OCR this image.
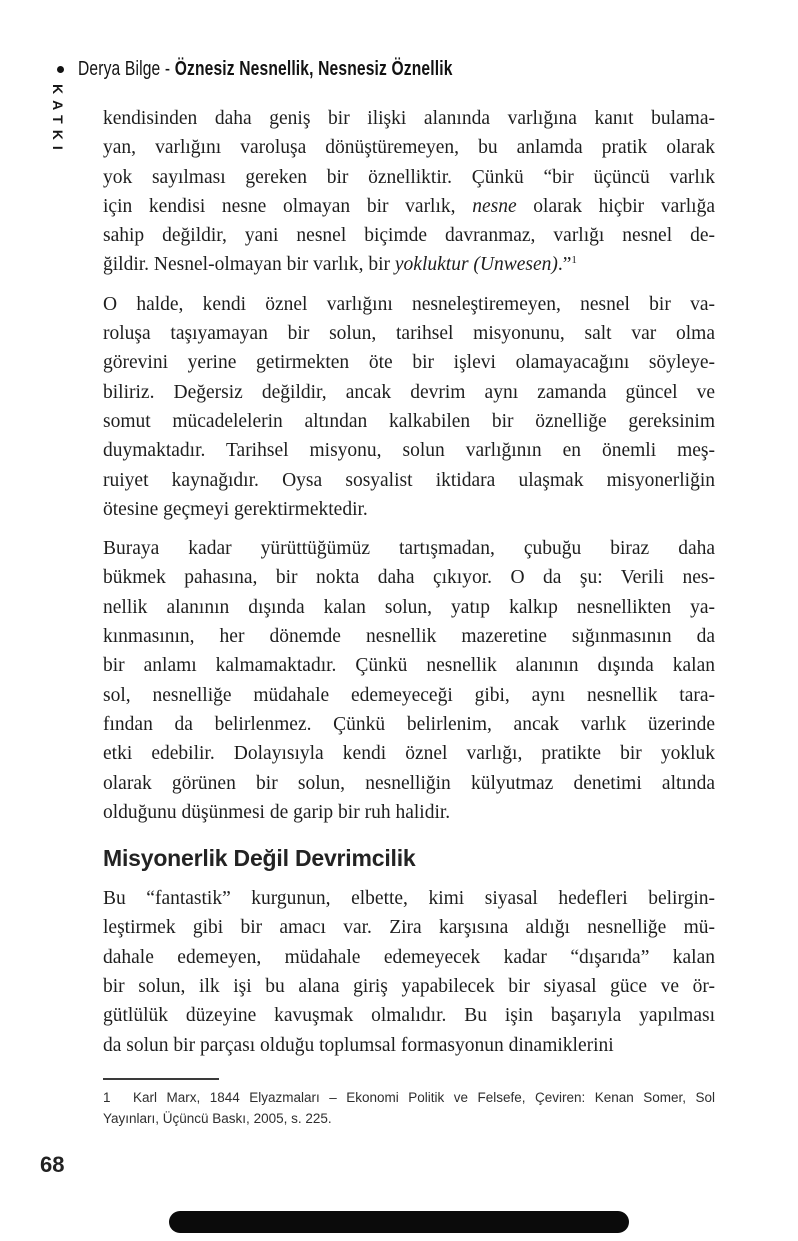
Derya Bilge - Öznesiz Nesnellik, Nesnesiz Öznellik
KATKI kendisinden daha geniş bir ilişki alanında varlığına kanıt bulama-
yan, varlığını varoluşa dönüştüremeyen, bu anlamda pratik olarak
yok sayılması gereken bir öznelliktir. Çünkü “bir üçüncü varlık
için kendisi nesne olmayan bir varlık, nesne olarak hiçbir varlığa
sahip değildir, yani nesnel biçimde davranmaz, varlığı nesnel de-
ğildir. Nesnel-olmayan bir varlık, bir yokluktur (Unwesen).”$^1$
O halde, kendi öznel varlığını nesneleştiremeyen, nesnel bir va-
roluşa taşıyamayan bir solun, tarihsel misyonunu, salt var olma
görevini yerine getirmekten öte bir işlevi olamayacağını söyleye-
biliriz. Değersiz değildir, ancak devrim aynı zamanda güncel ve
somut mücadelelerin altından kalkabilen bir öznelliğe gereksinim
duymaktadır. Tarihsel misyonu, solun varlığının en önemli meş-
ruiyet kaynağıdır. Oysa sosyalist iktidara ulaşmak misyonerliğin
ötesine geçmeyi gerektirmektedir.
Buraya kadar yürüttüğümüz tartışmadan, çubuğu biraz daha
bükmek pahasına, bir nokta daha çıkıyor. O da şu: Verili nes-
nellik alanının dışında kalan solun, yatıp kalkıp nesnellikten ya-
kınmasının, her dönemde nesnellik mazeretine sığınmasının da
bir anlamı kalmamaktadır. Çünkü nesnellik alanının dışında kalan
sol, nesnelliğe müdahale edemeyeceği gibi, aynı nesnellik tara-
fından da belirlenmez. Çünkü belirlenim, ancak varlık üzerinde
etki edebilir. Dolayısıyla kendi öznel varlığı, pratikte bir yokluk
olarak görünen bir solun, nesnelliğin külyutmaz denetimi altında
olduğunu düşünmesi de garip bir ruh halidir.
Misyonerlik Değil Devrimcilik
Bu “fantastik” kurgunun, elbette, kimi siyasal hedefleri belirgin-
leştirmek gibi bir amacı var. Zira karşısına aldığı nesnelliğe mü-
dahale edemeyen, müdahale edemeyecek kadar “dışarıda” kalan
bir solun, ilk işi bu alana giriş yapabilecek bir siyasal güce ve ör-
gütlülük düzeyine kavuşmak olmalıdır. Bu işin başarıyla yapılması
da solun bir parçası olduğu toplumsal formasyonun dinamiklerini
1 Karl Marx, 1844 Elyazmaları – Ekonomi Politik ve Felsefe, Çeviren: Kenan Somer, Sol
Yayınları, Üçüncü Baskı, 2005, s. 225.
68
